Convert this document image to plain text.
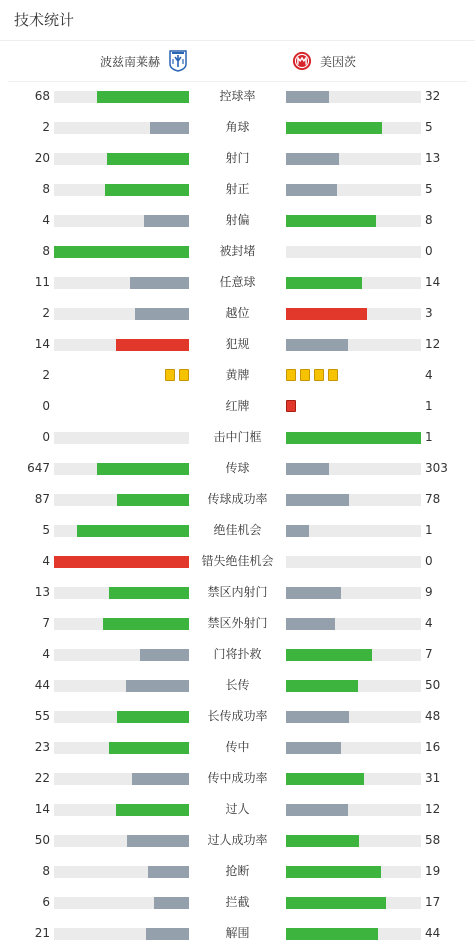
技术统计
波兹南莱赫	美因茨
68	控球率	32
2	角球	5
20	射门	13
8	射正	5
4	射偏	8
8	被封堵	0
11	任意球	14
2	越位	3
14	犯规	12
2	黄牌	4
0	红牌	1
0	击中门框	1
647	传球	303
87	传球成功率	78
5	绝佳机会	1
4	错失绝佳机会	0
13	禁区内射门	9
7	禁区外射门	4
4	门将扑救	7
44	长传	50
55	长传成功率	48
23	传中	16
22	传中成功率	31
14	过人	12
50	过人成功率	58
8	抢断	19
6	拦截	17
21	解围	44
